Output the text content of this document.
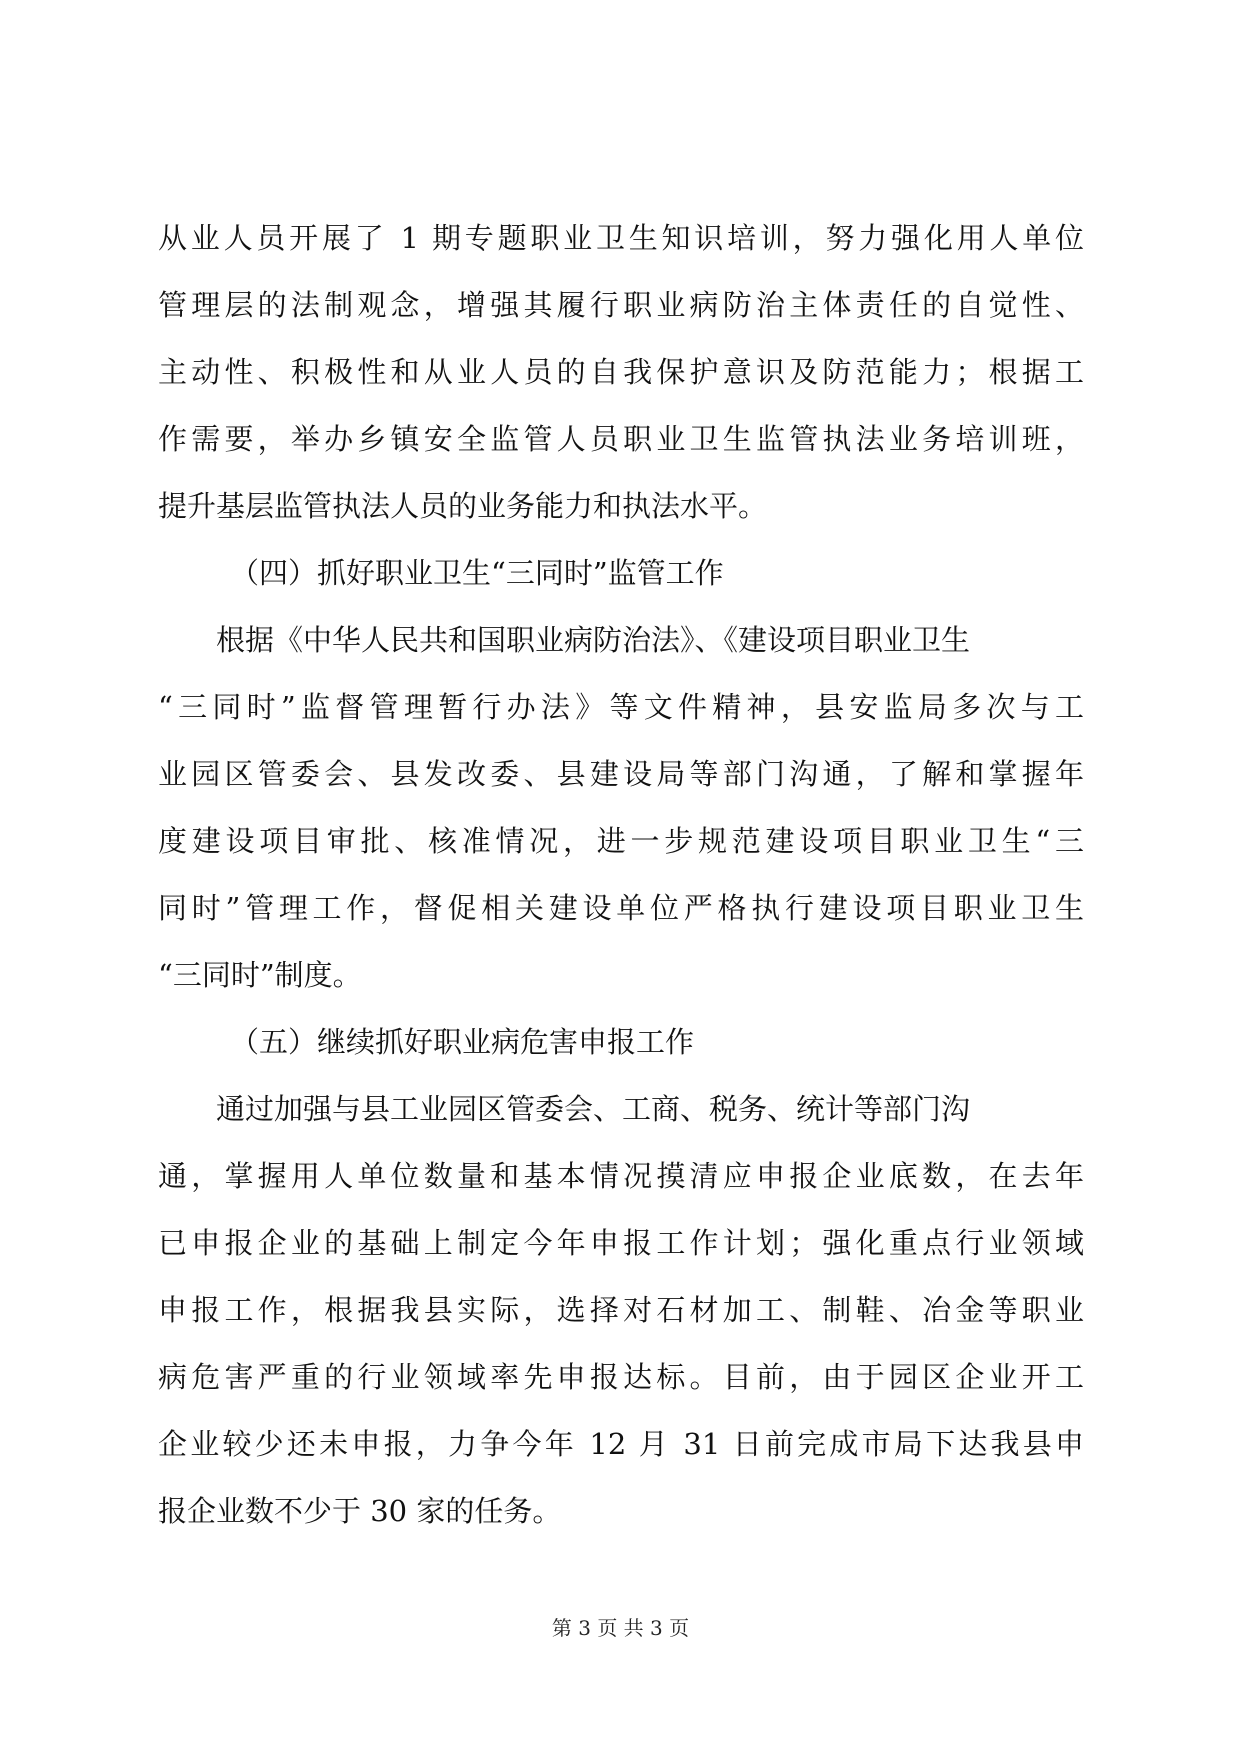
从业人员开展了 1 期专题职业卫生知识培训，努力强化用人单位
管理层的法制观念，增强其履行职业病防治主体责任的自觉性、
主动性、积极性和从业人员的自我保护意识及防范能力；根据工
作需要，举办乡镇安全监管人员职业卫生监管执法业务培训班，
提升基层监管执法人员的业务能力和执法水平。
（四）抓好职业卫生“三同时”监管工作
根据《中华人民共和国职业病防治法》、《建设项目职业卫生
“三同时”监督管理暂行办法》等文件精神，县安监局多次与工
业园区管委会、县发改委、县建设局等部门沟通，了解和掌握年
度建设项目审批、核准情况，进一步规范建设项目职业卫生“三
同时”管理工作，督促相关建设单位严格执行建设项目职业卫生
“三同时”制度。
（五）继续抓好职业病危害申报工作
通过加强与县工业园区管委会、工商、税务、统计等部门沟
通，掌握用人单位数量和基本情况摸清应申报企业底数，在去年
已申报企业的基础上制定今年申报工作计划；强化重点行业领域
申报工作，根据我县实际，选择对石材加工、制鞋、冶金等职业
病危害严重的行业领域率先申报达标。目前，由于园区企业开工
企业较少还未申报，力争今年 12 月 31 日前完成市局下达我县申
报企业数不少于 30 家的任务。
第 3 页 共 3 页
